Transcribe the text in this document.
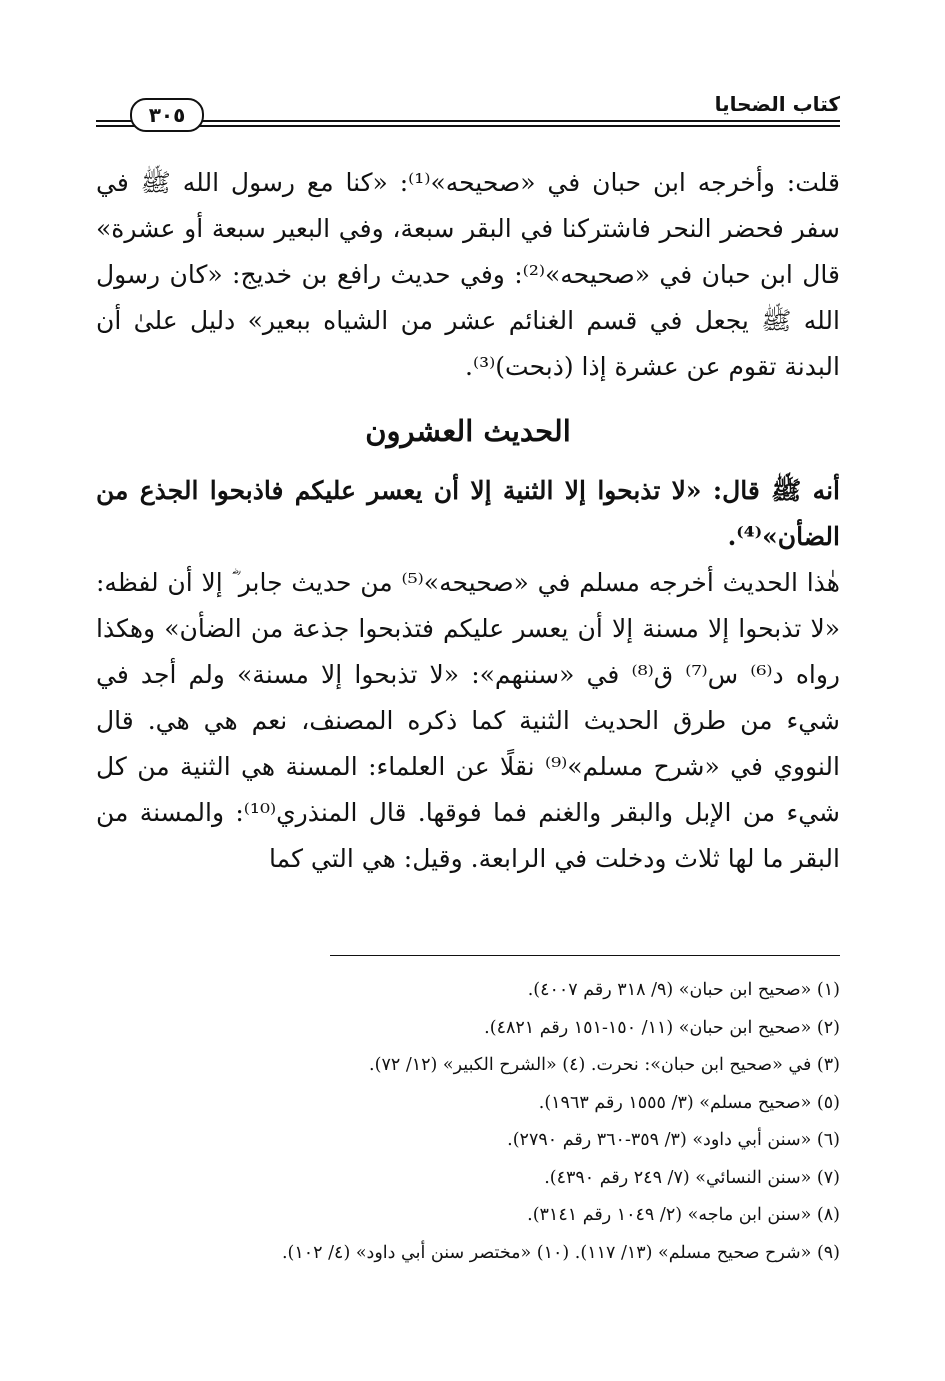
كتاب الضحايا
٣٠٥

قلت: وأخرجه ابن حبان في «صحيحه»⁽¹⁾: «كنا مع رسول الله ﷺ في سفر فحضر النحر فاشتركنا في البقر سبعة، وفي البعير سبعة أو عشرة» قال ابن حبان في «صحيحه»⁽²⁾: وفي حديث رافع بن خديج: «كان رسول الله ﷺ يجعل في قسم الغنائم عشر من الشياه ببعير» دليل علىٰ أن البدنة تقوم عن عشرة إذا (ذبحت)⁽³⁾.

الحديث العشرون

أنه ﷺ قال: «لا تذبحوا إلا الثنية إلا أن يعسر عليكم فاذبحوا الجذع من الضأن»⁽⁴⁾.

هٰذا الحديث أخرجه مسلم في «صحيحه»⁽⁵⁾ من حديث جابر ؓ إلا أن لفظه: «لا تذبحوا إلا مسنة إلا أن يعسر عليكم فتذبحوا جذعة من الضأن» وهكذا رواه د⁽⁶⁾ س⁽⁷⁾ ق⁽⁸⁾ في «سننهم»: «لا تذبحوا إلا مسنة» ولم أجد في شيء من طرق الحديث الثنية كما ذكره المصنف، نعم هي هي. قال النووي في «شرح مسلم»⁽⁹⁾ نقلًا عن العلماء: المسنة هي الثنية من كل شيء من الإبل والبقر والغنم فما فوقها. قال المنذري⁽¹⁰⁾: والمسنة من البقر ما لها ثلاث ودخلت في الرابعة. وقيل: هي التي كما

(١) «صحيح ابن حبان» (٩/ ٣١٨ رقم ٤٠٠٧).

(٢) «صحيح ابن حبان» (١١/ ١٥٠-١٥١ رقم ٤٨٢١).

(٣) في «صحيح ابن حبان»: نحرت. (٤) «الشرح الكبير» (١٢/ ٧٢).

(٥) «صحيح مسلم» (٣/ ١٥٥٥ رقم ١٩٦٣).

(٦) «سنن أبي داود» (٣/ ٣٥٩-٣٦٠ رقم ٢٧٩٠).

(٧) «سنن النسائي» (٧/ ٢٤٩ رقم ٤٣٩٠).

(٨) «سنن ابن ماجه» (٢/ ١٠٤٩ رقم ٣١٤١).

(٩) «شرح صحيح مسلم» (١٣/ ١١٧). (١٠) «مختصر سنن أبي داود» (٤/ ١٠٢).
